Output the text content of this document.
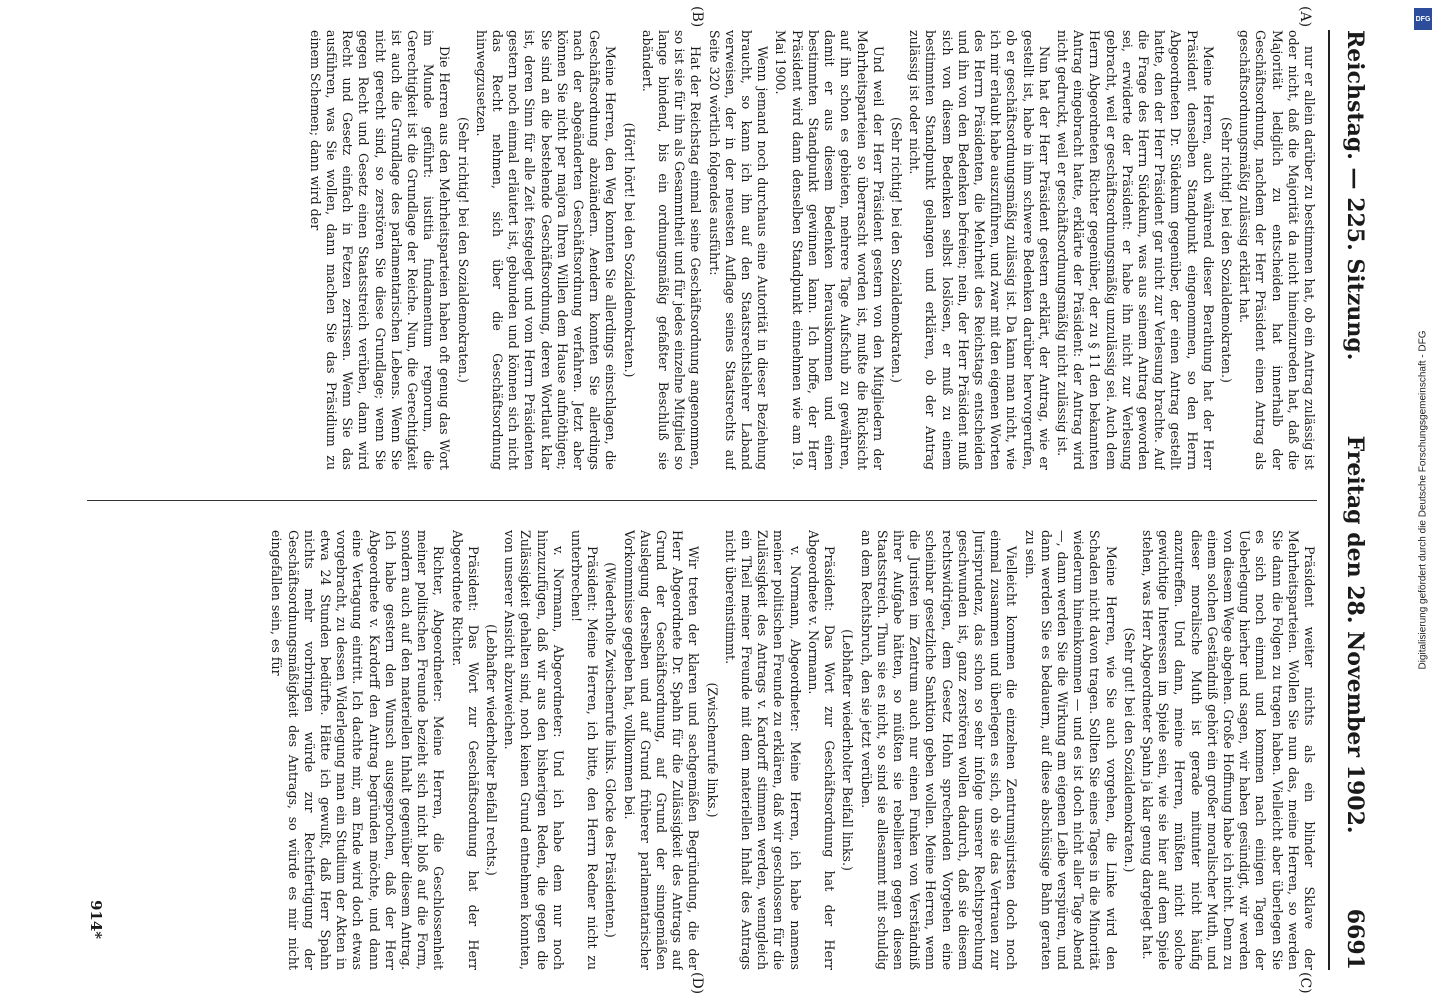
Reichstag. — 225. Sitzung.
Freitag den 28. November 1902.
6691
(A)
(B)
(C)
(D)

nur er allein darüber zu bestimmen hat, ob ein Antrag zulässig ist oder nicht, daß die Majorität da nicht hineinzureden hat, daß die Majorität lediglich zu entscheiden hat innerhalb der Geschäftsordnung, nachdem der Herr Präsident einen Antrag als geschäftsordnungsmäßig zulässig erklärt hat.

(Sehr richtig! bei den Sozialdemokraten.)

Meine Herren, auch während dieser Berathung hat der Herr Präsident denselben Standpunkt eingenommen, so den Herrn Abgeordneten Dr. Südekum gegenüber, der einen Antrag gestellt hatte, den der Herr Präsident gar nicht zur Verlesung brachte. Auf die Frage des Herrn Südekum, was aus seinem Antrag geworden sei, erwiderte der Präsident: er habe ihn nicht zur Verlesung gebracht, weil er geschäftsordnungsmäßig unzulässig sei. Auch dem Herrn Abgeordneten Richter gegenüber, der zu § 11 den bekannten Antrag eingebracht hatte, erklärte der Präsident: der Antrag wird nicht gedruckt, weil er geschäftsordnungsmäßig nicht zulässig ist.

Nun hat der Herr Präsident gestern erklärt, der Antrag, wie er gestellt ist, habe in ihm schwere Bedenken darüber hervorgerufen, ob er geschäftsordnungsmäßig zulässig ist. Da kann man nicht, wie ich mir erlaubt habe auszuführen, und zwar mit den eigenen Worten des Herrn Präsidenten, die Mehrheit des Reichstags entscheiden und ihn von den Bedenken befreien; nein, der Herr Präsident muß sich von diesem Bedenken selbst loslösen, er muß zu einem bestimmten Standpunkt gelangen und erklären, ob der Antrag zulässig ist oder nicht.

(Sehr richtig! bei den Sozialdemokraten.)

Und weil der Herr Präsident gestern von den Mitgliedern der Mehrheitsparteien so überrascht worden ist, mußte die Rücksicht auf ihn schon es gebieten, mehrere Tage Aufschub zu gewähren, damit er aus diesem Bedenken herauskommen und einen bestimmten Standpunkt gewinnen kann. Ich hoffe, der Herr Präsident wird dann denselben Standpunkt einnehmen wie am 19. Mai 1900.

Wenn jemand noch durchaus eine Autorität in dieser Beziehung braucht, so kann ich ihn auf den Staatsrechtslehrer Laband verweisen, der in der neuesten Auflage seines Staatsrechts auf Seite 320 wörtlich folgendes ausführt:

Hat der Reichstag einmal seine Geschäftsordnung angenommen, so ist sie für ihn als Gesammtheit und für jedes einzelne Mitglied so lange bindend, bis ein ordnungsmäßig gefaßter Beschluß sie abändert.

(Hört! hört! bei den Sozialdemokraten.)

Meine Herren, den Weg konnten Sie allerdings einschlagen, die Geschäftsordnung abzuändern. Aendern konnten Sie allerdings nach der abgeänderten Geschäftsordnung verfahren. Jetzt aber können Sie nicht per majora Ihren Willen dem Hause aufnöthigen; Sie sind an die bestehende Geschäftsordnung, deren Wortlaut klar ist, deren Sinn für alle Zeit festgelegt und vom Herrn Präsidenten gestern noch einmal erläutert ist, gebunden und können sich nicht das Recht nehmen, sich über die Geschäftsordnung hinwegzusetzen.

(Sehr richtig! bei den Sozialdemokraten.)

Die Herren aus den Mehrheitsparteien haben oft genug das Wort im Munde geführt: iustitia fundamentum regnorum, die Gerechtigkeit ist die Grundlage der Reiche. Nun, die Gerechtigkeit ist auch die Grundlage des parlamentarischen Lebens. Wenn Sie nicht gerecht sind, so zerstören Sie diese Grundlage; wenn Sie gegen Recht und Gesetz einen Staatsstreich verüben, dann wird Recht und Gesetz einfach in Fetzen zerrissen. Wenn Sie das ausführen, was Sie wollen, dann machen Sie das Präsidium zu einem Schemen; dann wird der

Präsident weiter nichts als ein blinder Sklave der Mehrheitsparteien. Wollen Sie nun das, meine Herren, so werden Sie dann die Folgen zu tragen haben. Vielleicht aber überlegen Sie es sich noch einmal und kommen nach einigen Tagen der Ueberlegung hierher und sagen, wir haben gesündigt, wir werden von diesem Wege abgehen. Große Hoffnung habe ich nicht. Denn zu einem solchen Geständniß gehört ein großer moralischer Muth, und dieser moralische Muth ist gerade mitunter nicht häufig anzutreffen. Und dann, meine Herren, müßten nicht solche gewichtige Interessen im Spiele sein, wie sie hier auf dem Spiele stehen, was Herr Abgeordneter Spahn ja klar genug dargelegt hat.

(Sehr gut! bei den Sozialdemokraten.)

Meine Herren, wie Sie auch vorgehen, die Linke wird den Schaden nicht davon tragen. Sollten Sie eines Tages in die Minorität wiederum hineinkommen — und es ist doch nicht aller Tage Abend —, dann werden Sie die Wirkung am eigenen Leibe verspüren, und dann werden Sie es bedauern, auf diese abschüssige Bahn geraten zu sein.

Vielleicht kommen die einzelnen Zentrumsjuristen doch noch einmal zusammen und überlegen es sich, ob sie das Vertrauen zur Jurisprudenz, das schon so sehr infolge unserer Rechtsprechung geschwunden ist, ganz zerstören wollen dadurch, daß sie diesem rechtswidrigen, dem Gesetz Hohn sprechenden Vorgehen eine scheinbar gesetzliche Sanktion geben wollen. Meine Herren, wenn die Juristen im Zentrum auch nur einen Funken von Verständniß ihrer Aufgabe hätten, so müßten sie rebellieren gegen diesen Staatsstreich. Thun sie es nicht, so sind sie allesammt mit schuldig an dem Rechtsbruch, den sie jetzt verüben.

(Lebhafter wiederholter Beifall links.)

Präsident: Das Wort zur Geschäftsordnung hat der Herr Abgeordnete v. Normann.

v. Normann, Abgeordneter: Meine Herren, ich habe namens meiner politischen Freunde zu erklären, daß wir geschlossen für die Zulässigkeit des Antrags v. Kardorff stimmen werden, wenngleich ein Theil meiner Freunde mit dem materiellen Inhalt des Antrags nicht übereinstimmt.

(Zwischenrufe links.)

Wir treten der klaren und sachgemäßen Begründung, die der Herr Abgeordnete Dr. Spahn für die Zulässigkeit des Antrags auf Grund der Geschäftsordnung, auf Grund der sinngemäßen Auslegung derselben und auf Grund früherer parlamentarischer Vorkommnisse gegeben hat, vollkommen bei.

(Wiederholte Zwischenrufe links. Glocke des Präsidenten.)

Präsident: Meine Herren, ich bitte, den Herrn Redner nicht zu unterbrechen!

v. Normann, Abgeordneter: Und ich habe dem nur noch hinzuzufügen, daß wir aus den bisherigen Reden, die gegen die Zulässigkeit gehalten sind, noch keinen Grund entnehmen konnten, von unserer Ansicht abzuweichen.

(Lebhafter wiederholter Beifall rechts.)

Präsident: Das Wort zur Geschäftsordnung hat der Herr Abgeordnete Richter.

Richter, Abgeordneter: Meine Herren, die Geschlossenheit meiner politischen Freunde bezieht sich nicht bloß auf die Form, sondern auch auf den materiellen Inhalt gegenüber diesem Antrag. Ich habe gestern den Wunsch ausgesprochen, daß der Herr Abgeordnete v. Kardorff den Antrag begründen möchte, und dann eine Vertagung eintritt. Ich dachte mir, am Ende wird doch etwas vorgebracht, zu dessen Widerlegung man ein Studium der Akten in etwa 24 Stunden bedürfte. Hätte ich gewußt, daß Herr Spahn nichts mehr vorbringen würde zur Rechtfertigung der Geschäftsordnungsmäßigkeit des Antrags, so würde es mir nicht eingefallen sein, es für

914*
DFG
Digitalisierung gefördert durch die Deutsche Forschungsgemeinschaft - DFG
